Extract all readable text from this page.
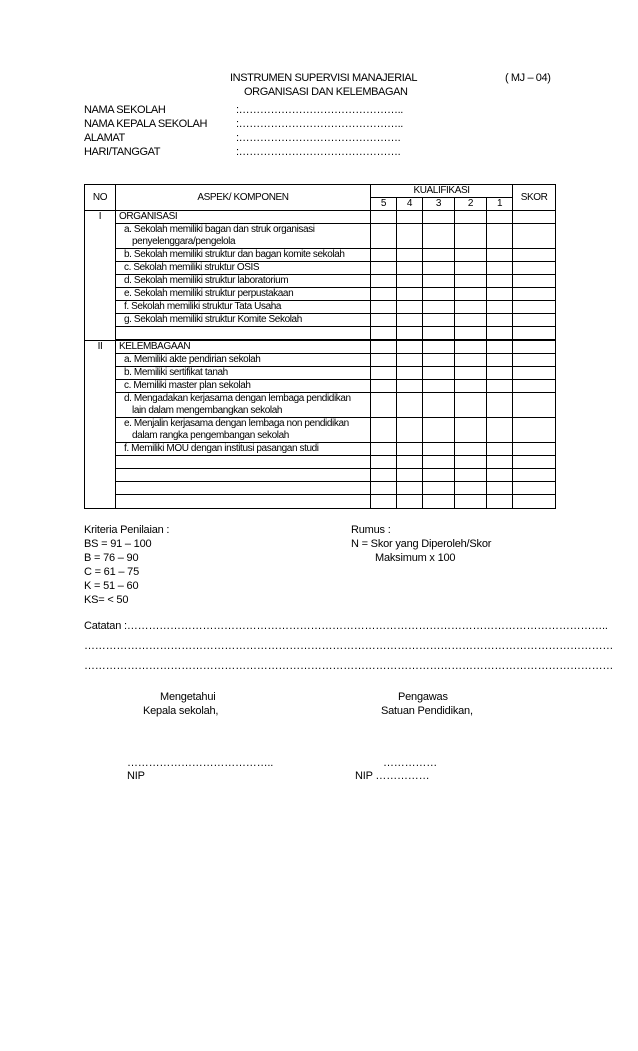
INSTRUMEN SUPERVISI MANAJERIAL
ORGANISASI DAN KELEMBAGAN
( MJ – 04)
NAMA SEKOLAH	:………………………………………..
NAMA KEPALA SEKOLAH	:………………………………………..
ALAMAT	:……………………………………….
HARI/TANGGAT	:……………………………………….
NO	ASPEK/ KOMPONEN	KUALIFIKASI					SKOR
		5	4	3	2	1	
I	ORGANISASI						
	a. Sekolah memiliki bagan dan struk organisasi
penyelenggara/pengelola						
	b. Sekolah memiliki struktur dan bagan komite sekolah						
	c. Sekolah memiliki struktur OSIS						
	d. Sekolah memiliki struktur laboratorium						
	e. Sekolah memiliki struktur perpustakaan						
	f. Sekolah memiliki struktur Tata Usaha						
	g. Sekolah memiliki struktur Komite Sekolah						

II	KELEMBAGAAN						
	a. Memiliki akte pendirian sekolah						
	b. Memiliki sertifikat tanah						
	c. Memiliki master plan sekolah						
	d. Mengadakan kerjasama dengan lembaga pendidikan
lain dalam mengembangkan sekolah						
	e. Menjalin kerjasama dengan lembaga non pendidikan
dalam rangka pengembangan sekolah						
	f. Memiliki MOU dengan institusi pasangan studi						

Kriteria Penilaian :
BS = 91 – 100
B = 76 – 90
C = 61 – 75
K = 51 – 60
KS= < 50
Rumus :
N = Skor yang Diperoleh/Skor
Maksimum x 100
Catatan :……………………………………………………………………………………………………………………..
…………………………………………………………………………………………………………………………………
…………………………………………………………………………………………………………………………………
Mengetahui
Kepala sekolah,
…………………………………..
NIP
Pengawas
Satuan Pendidikan,
……………
NIP ……………
